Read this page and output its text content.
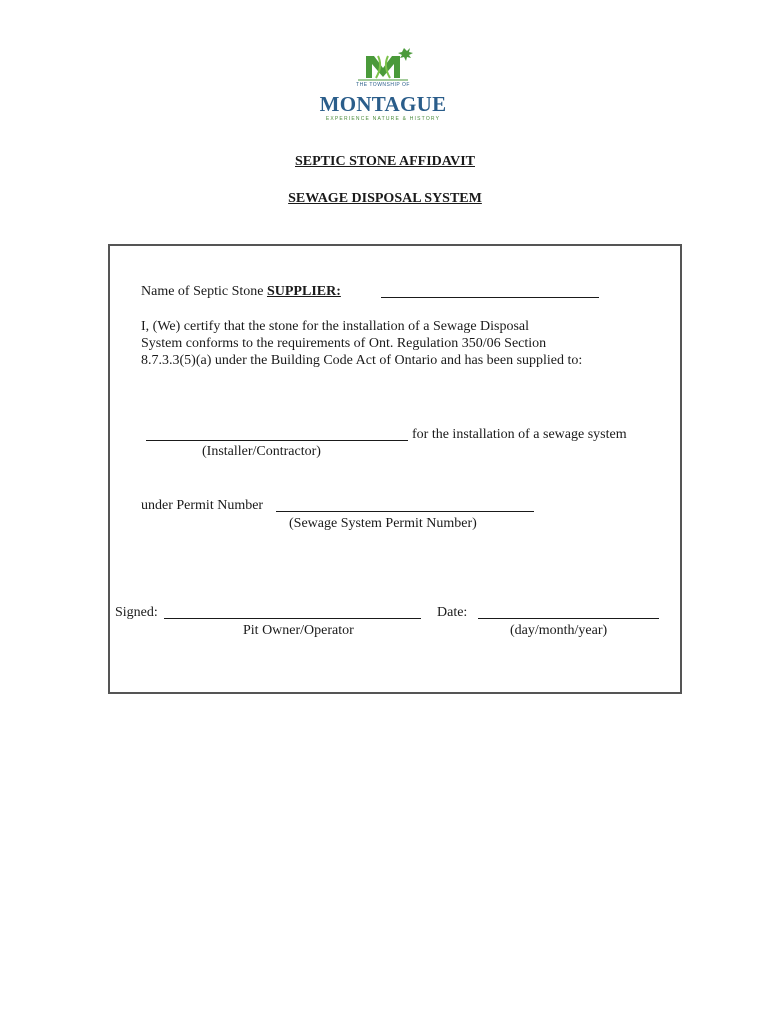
THE TOWNSHIP OF
MONTAGUE
EXPERIENCE NATURE & HISTORY
SEPTIC STONE AFFIDAVIT
SEWAGE DISPOSAL SYSTEM
Name of Septic Stone SUPPLIER:
I, (We) certify that the stone for the installation of a Sewage Disposal
System conforms to the requirements of Ont. Regulation 350/06 Section
8.7.3.3(5)(a) under the Building Code Act of Ontario and has been supplied to:
for the installation of a sewage system
(Installer/Contractor)
under Permit Number
(Sewage System Permit Number)
Signed:
Pit Owner/Operator
Date:
(day/month/year)
